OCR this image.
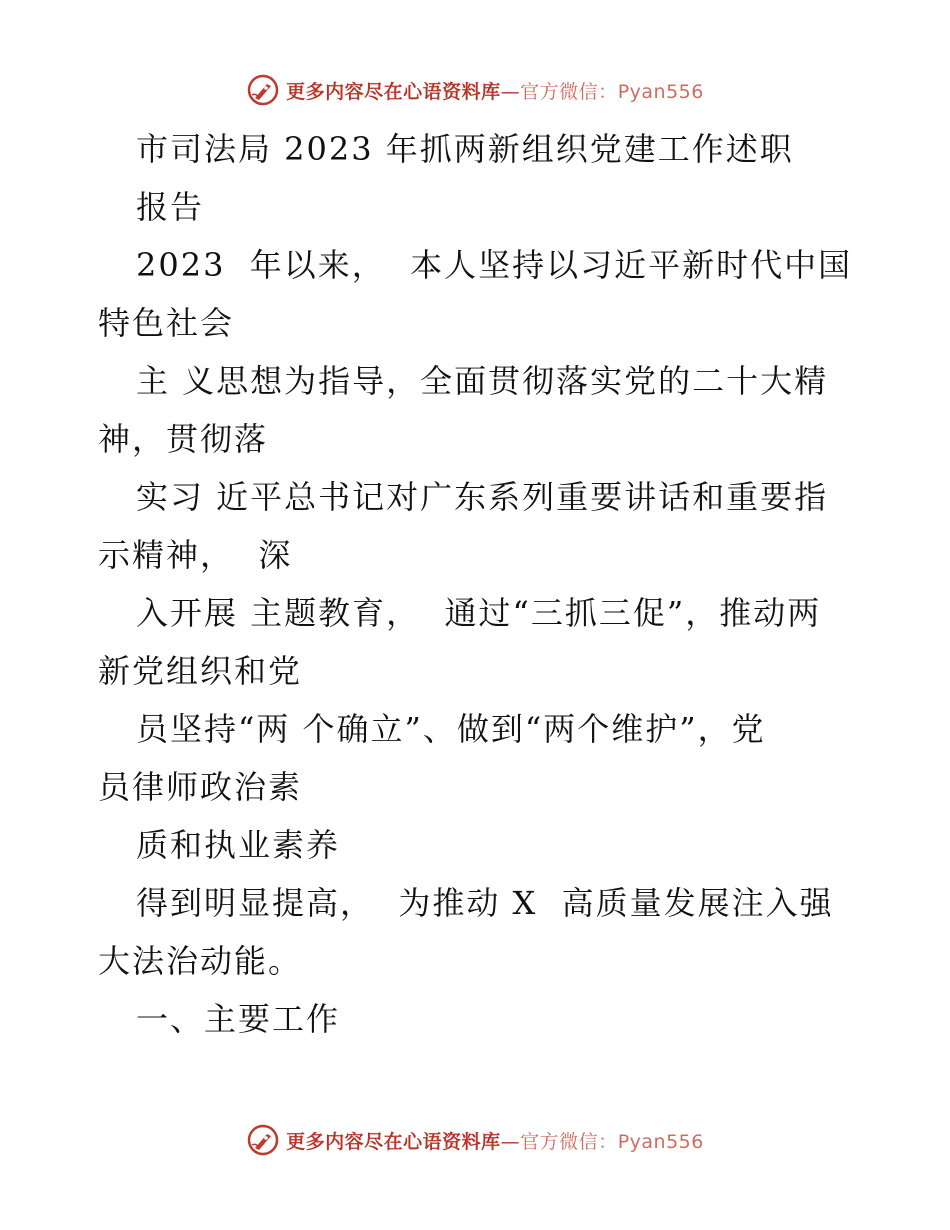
更多内容尽在心语资料库—官方微信：Pyan556
市司法局 2023 年抓两新组织党建工作述职
报告
2023  年以来，  本人坚持以习近平新时代中国
特色社会
主 义思想为指导，全面贯彻落实党的二十大精
神，贯彻落
实习 近平总书记对广东系列重要讲话和重要指
示精神，  深
入开展 主题教育，  通过“三抓三促”，推动两
新党组织和党
员坚持“两 个确立”、做到“两个维护”，党
员律师政治素
质和执业素养
得到明显提高，  为推动 X  高质量发展注入强
大法治动能。
一、主要工作
更多内容尽在心语资料库—官方微信：Pyan556
